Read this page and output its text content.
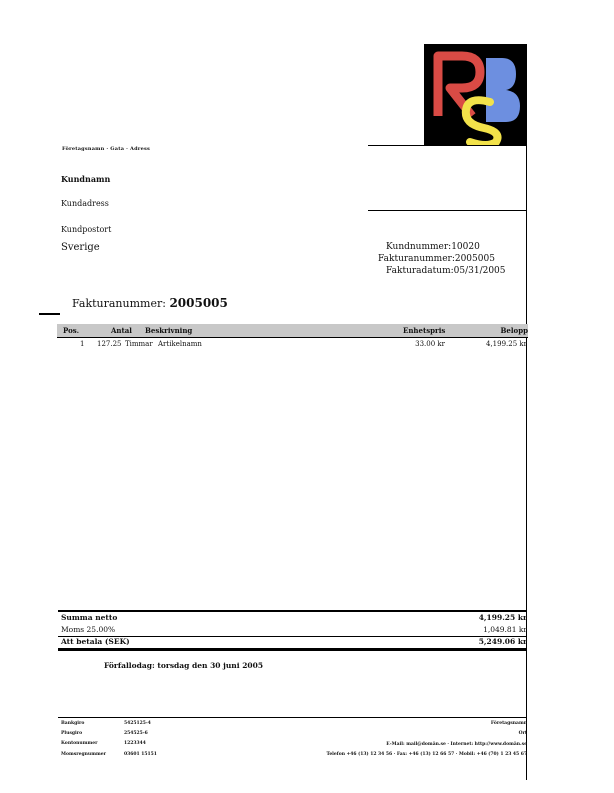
Företagsnamn · Gata · Adress
Kundnamn
Kundadress
Kundpostort
Sverige	Kundnummer:10020
Fakturanummer:2005005
Fakturadatum:05/31/2005
Fakturanummer: 2005005
Pos.	Antal Beskrivning	Enhetspris	Belopp
1 127.25 Timmar Artikelnamn	33.00 kr	4,199.25 kr
Summa netto	4,199.25 kr
Moms 25.00%	1,049.81 kr
Att betala (SEK)	5,249.06 kr
Förfallodag: torsdag den 30 juni 2005
Bankgiro	5425125-4
Plusgiro	254525-6
Kontonummer	1223344
Momsregnummer	03601 15151
Företagsnamn
Ort
E-Mail: mail@domän.se · Internet: http://www.domän.se
Telefon +46 (13) 12 34 56 · Fax: +46 (13) 12 66 57 · Mobil: +46 (70) 1 23 45 67
